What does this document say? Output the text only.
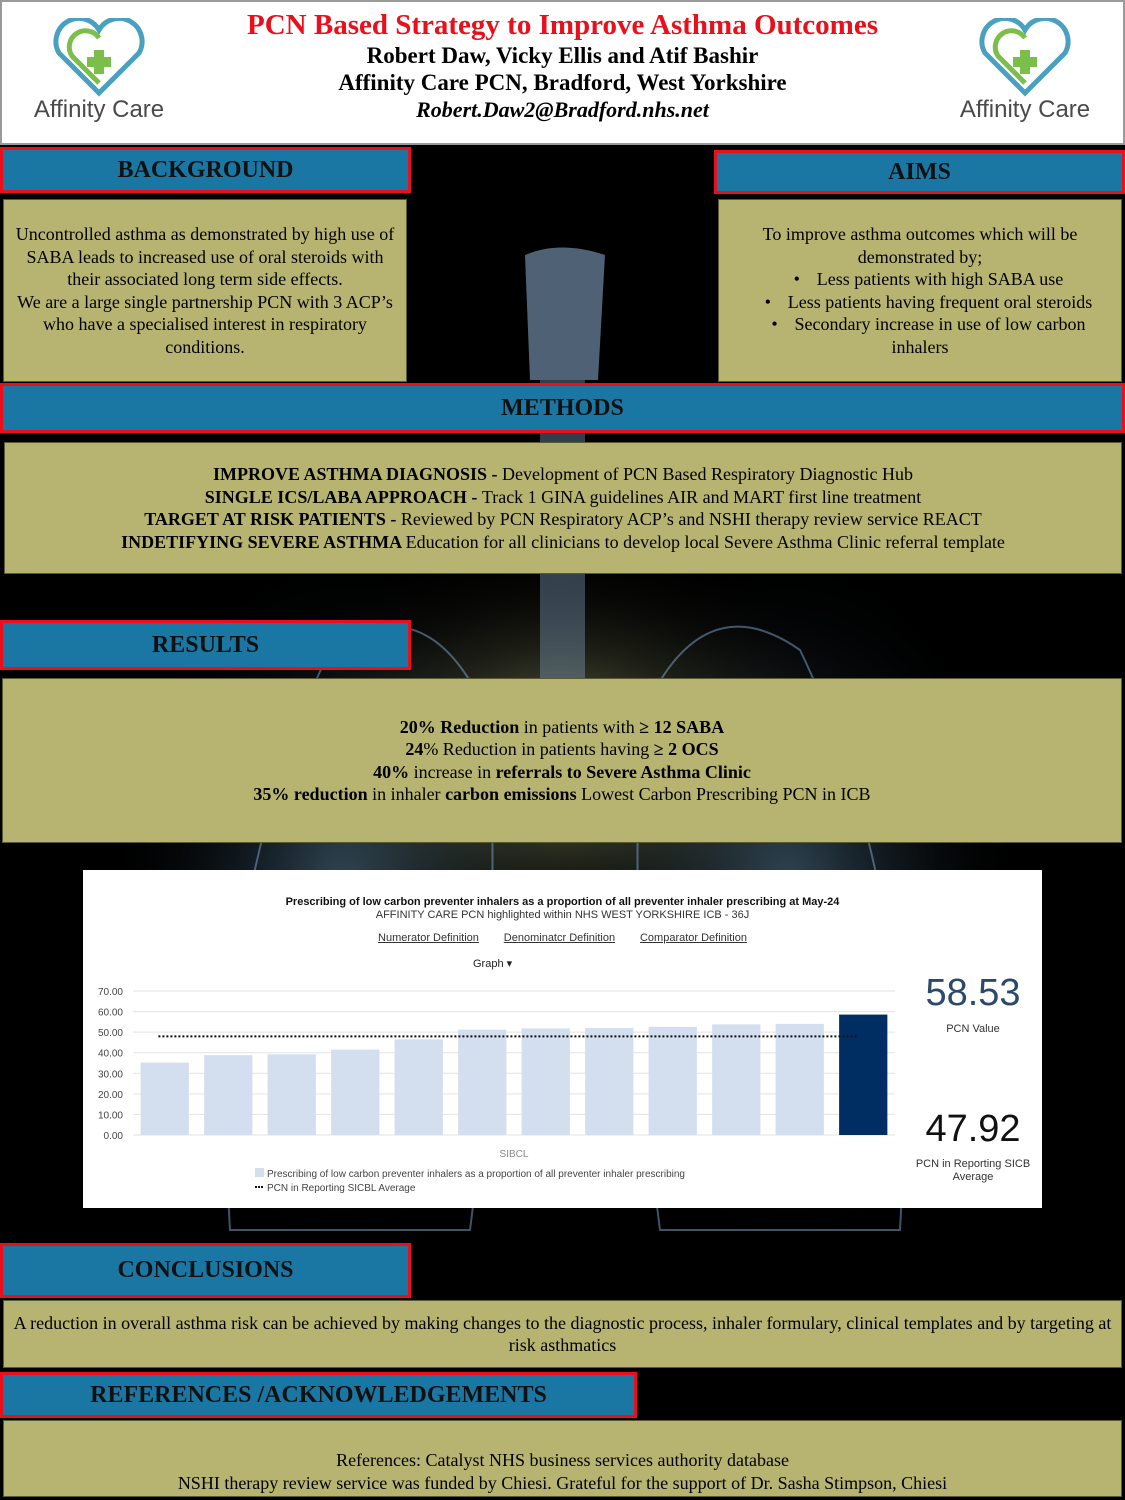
Affinity Care	Affinity Care
PCN Based Strategy to Improve Asthma Outcomes
Robert Daw, Vicky Ellis and Atif Bashir
Affinity Care PCN, Bradford, West Yorkshire
Robert.Daw2@Bradford.nhs.net
BACKGROUND
Uncontrolled asthma as demonstrated by high use of SABA leads to increased use of oral steroids with their associated long term side effects.
We are a large single partnership PCN with 3 ACP’s who have a specialised interest in respiratory conditions.
AIMS
To improve asthma outcomes which will be demonstrated by;
• Less patients with high SABA use
• Less patients having frequent oral steroids
• Secondary increase in use of low carbon inhalers
METHODS
IMPROVE ASTHMA DIAGNOSIS - Development of PCN Based Respiratory Diagnostic Hub
SINGLE ICS/LABA APPROACH - Track 1 GINA guidelines AIR and MART first line treatment
TARGET AT RISK PATIENTS - Reviewed by PCN Respiratory ACP’s and NSHI therapy review service REACT
INDETIFYING SEVERE ASTHMA Education for all clinicians to develop local Severe Asthma Clinic referral template
RESULTS
20% Reduction in patients with ≥ 12 SABA
24% Reduction in patients having ≥ 2 OCS
40% increase in referrals to Severe Asthma Clinic
35% reduction in inhaler carbon emissions Lowest Carbon Prescribing PCN in ICB
Prescribing of low carbon preventer inhalers as a proportion of all preventer inhaler prescribing at May-24
AFFINITY CARE PCN highlighted within NHS WEST YORKSHIRE ICB - 36J
Numerator Definition Denominatcr Definition Comparator Definition
Graph ▾
0.00
10.00
20.00
30.00
40.00
50.00
60.00
70.00
SIBCL
Prescribing of low carbon preventer inhalers as a proportion of all preventer inhaler prescribing
PCN in Reporting SICBL Average
58.53
PCN Value
47.92
PCN in Reporting SICB Average
CONCLUSIONS
A reduction in overall asthma risk can be achieved by making changes to the diagnostic process, inhaler formulary, clinical templates and by targeting at risk asthmatics
REFERENCES /ACKNOWLEDGEMENTS
References: Catalyst NHS business services authority database
NSHI therapy review service was funded by Chiesi. Grateful for the support of Dr. Sasha Stimpson, Chiesi
